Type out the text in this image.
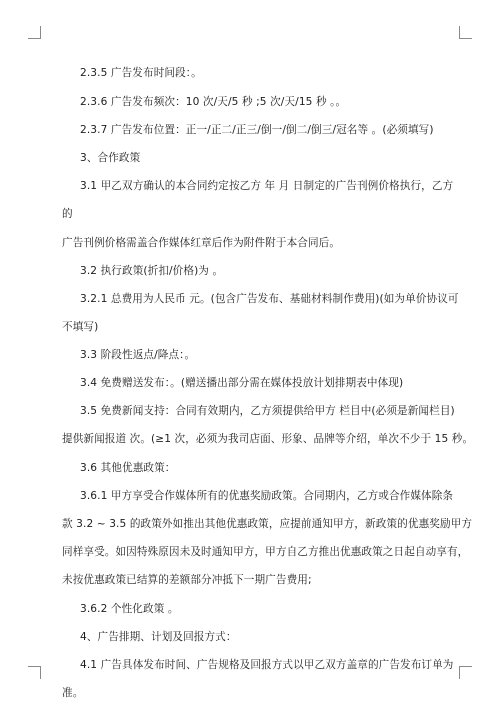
2.3.5 广告发布时间段：。
2.3.6 广告发布频次：10 次/天/5 秒 ;5 次/天/15 秒 。。
2.3.7 广告发布位置：正一/正二/正三/倒一/倒二/倒三/冠名等 。(必须填写)
3、合作政策
3.1 甲乙双方确认的本合同约定按乙方 年 月 日制定的广告刊例价格执行，乙方
的
广告刊例价格需盖合作媒体红章后作为附件附于本合同后。
3.2 执行政策(折扣/价格)为 。
3.2.1 总费用为人民币 元。(包含广告发布、基础材料制作费用)(如为单价协议可
不填写)
3.3 阶段性返点/降点：。
3.4 免费赠送发布：。(赠送播出部分需在媒体投放计划排期表中体现)
3.5 免费新闻支持：合同有效期内，乙方须提供给甲方 栏目中(必须是新闻栏目)
提供新闻报道 次。(≥1 次，必须为我司店面、形象、品牌等介绍，单次不少于 15 秒。
3.6 其他优惠政策：
3.6.1 甲方享受合作媒体所有的优惠奖励政策。合同期内，乙方或合作媒体除条
款 3.2 ~ 3.5 的政策外如推出其他优惠政策，应提前通知甲方，新政策的优惠奖励甲方
同样享受。如因特殊原因未及时通知甲方，甲方自乙方推出优惠政策之日起自动享有，
未按优惠政策已结算的差额部分冲抵下一期广告费用;
3.6.2 个性化政策 。
4、广告排期、计划及回报方式：
4.1 广告具体发布时间、广告规格及回报方式以甲乙双方盖章的广告发布订单为
准。
